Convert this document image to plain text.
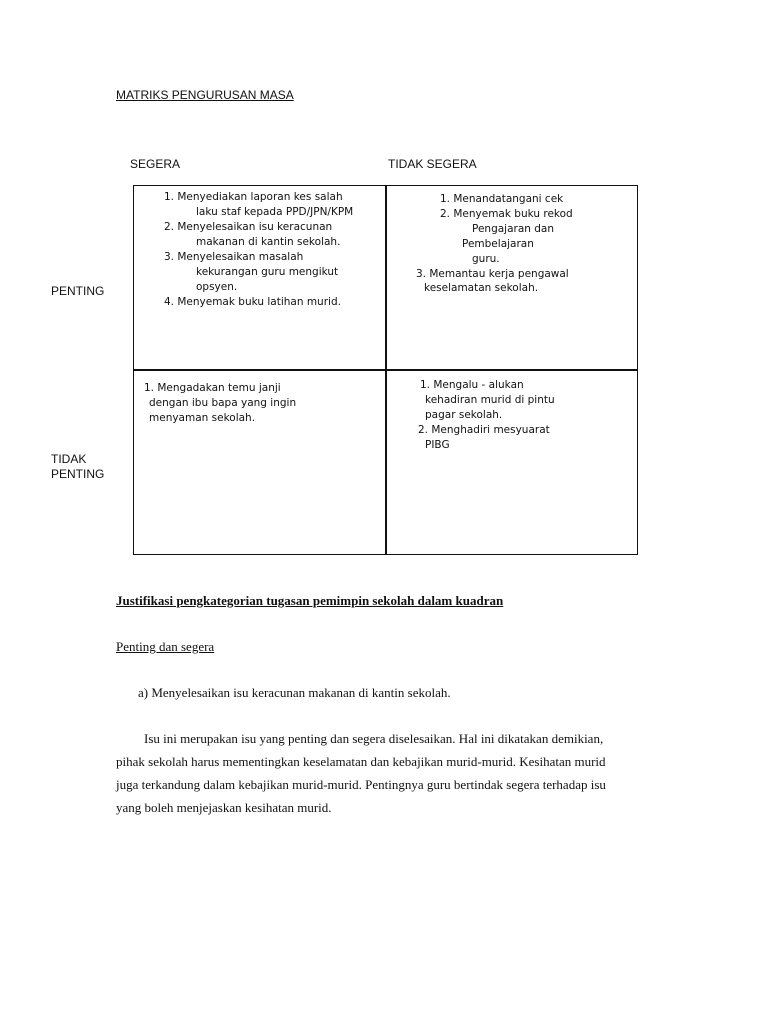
MATRIKS PENGURUSAN MASA
SEGERA	TIDAK SEGERA
PENTING
TIDAK PENTING

1. Menyediakan laporan kes salah

laku staf kepada PPD/JPN/KPM

2. Menyelesaikan isu keracunan

makanan di kantin sekolah.

3. Menyelesaikan masalah

kekurangan guru mengikut

opsyen.

4. Menyemak buku latihan murid.

1. Menandatangani cek

2. Menyemak buku rekod

Pengajaran dan

Pembelajaran

guru.

3. Memantau kerja pengawal

keselamatan sekolah.

1. Mengadakan temu janji

dengan ibu bapa yang ingin

menyaman sekolah.

1. Mengalu - alukan

kehadiran murid di pintu

pagar sekolah.

2. Menghadiri mesyuarat

PIBG

Justifikasi pengkategorian tugasan pemimpin sekolah dalam kuadran
Penting dan segera
a) Menyelesaikan isu keracunan makanan di kantin sekolah.
Isu ini merupakan isu yang penting dan segera diselesaikan. Hal ini dikatakan demikian,
pihak sekolah harus mementingkan keselamatan dan kebajikan murid-murid. Kesihatan murid
juga terkandung dalam kebajikan murid-murid. Pentingnya guru bertindak segera terhadap isu
yang boleh menjejaskan kesihatan murid.
